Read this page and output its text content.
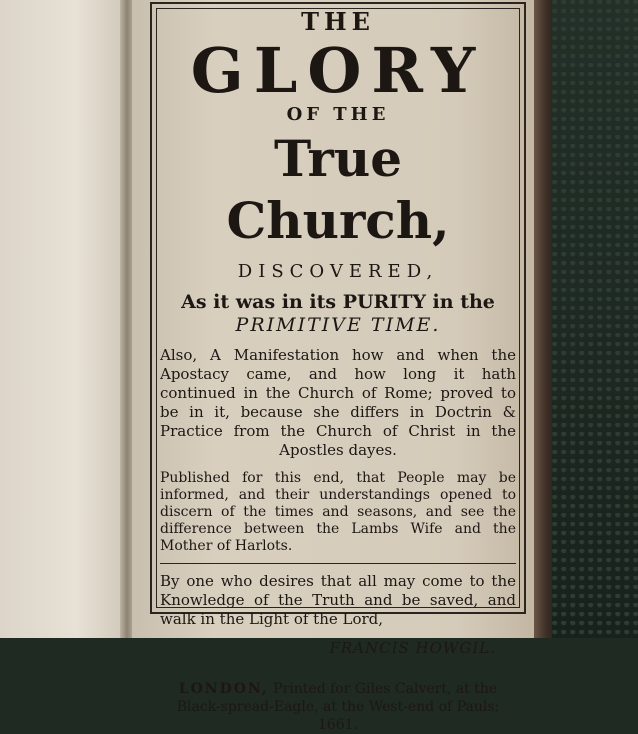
THE
GLORY
OF THE
True Church,
DISCOVERED,
As it was in its PURITY in the
PRIMITIVE TIME.
Also, A Manifestation how and when the Apostacy came, and how long it hath continued in the Church of Rome; proved to be in it, because she differs in Doctrin & Practice from the Church of Christ in the Apostles dayes.
Published for this end, that People may be informed, and their understandings opened to discern of the times and seasons, and see the difference between the Lambs Wife and the Mother of Harlots.
By one who desires that all may come to the Knowledge of the Truth and be saved, and walk in the Light of the Lord,
FRANCIS HOWGIL.
LONDON, Printed for Giles Calvert, at the Black-spread-Eagle, at the West-end of Pauls; 1661.
